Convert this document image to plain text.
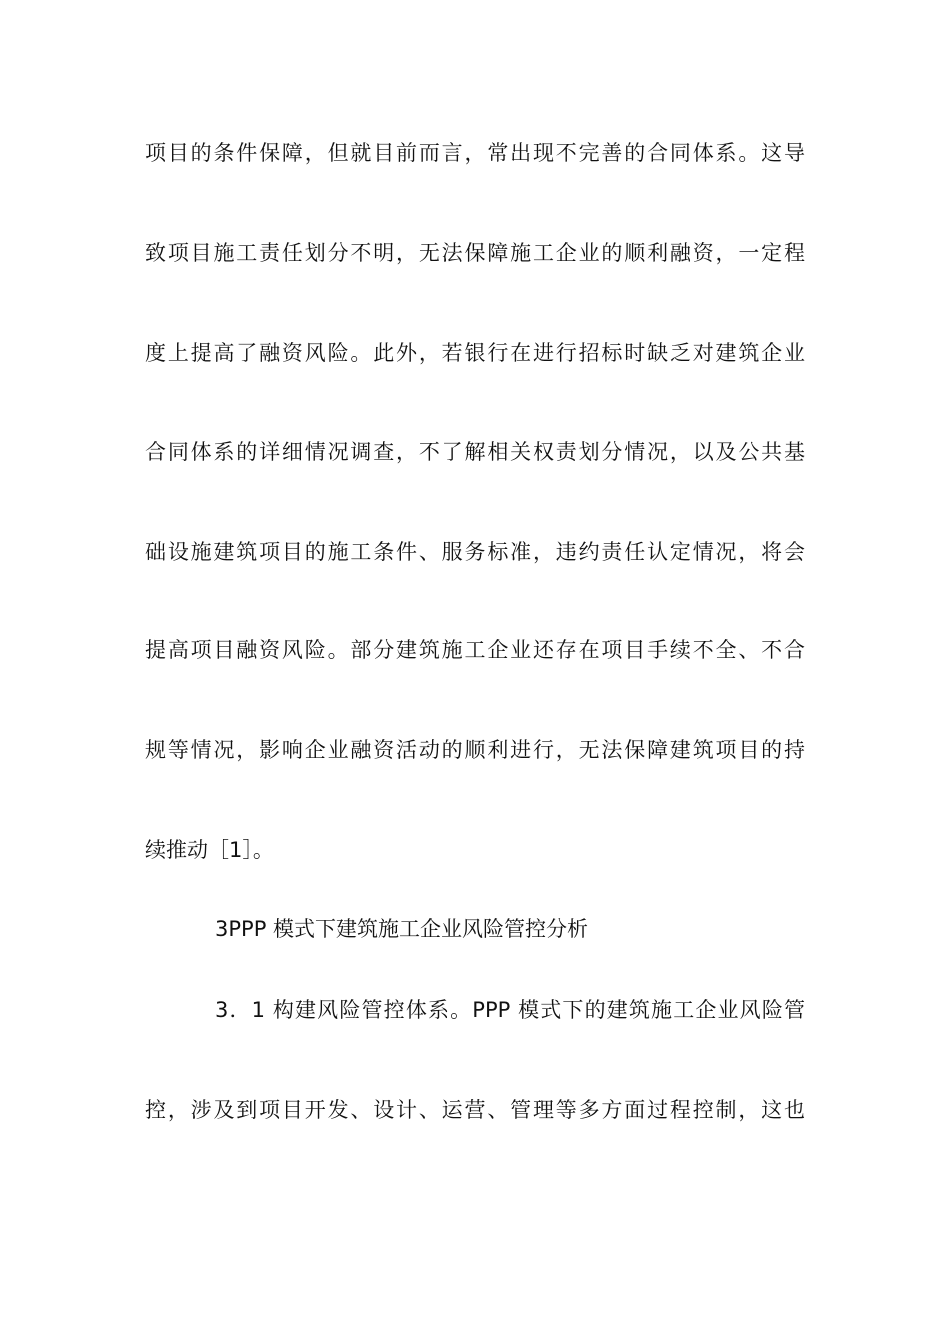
项目的条件保障，但就目前而言，常出现不完善的合同体系。这导
致项目施工责任划分不明，无法保障施工企业的顺利融资，一定程
度上提高了融资风险。此外，若银行在进行招标时缺乏对建筑企业
合同体系的详细情况调查，不了解相关权责划分情况，以及公共基
础设施建筑项目的施工条件、服务标准，违约责任认定情况，将会
提高项目融资风险。部分建筑施工企业还存在项目手续不全、不合
规等情况，影响企业融资活动的顺利进行，无法保障建筑项目的持
续推动［1］。
3PPP 模式下建筑施工企业风险管控分析
3．1 构建风险管控体系。PPP 模式下的建筑施工企业风险管
控，涉及到项目开发、设计、运营、管理等多方面过程控制，这也
